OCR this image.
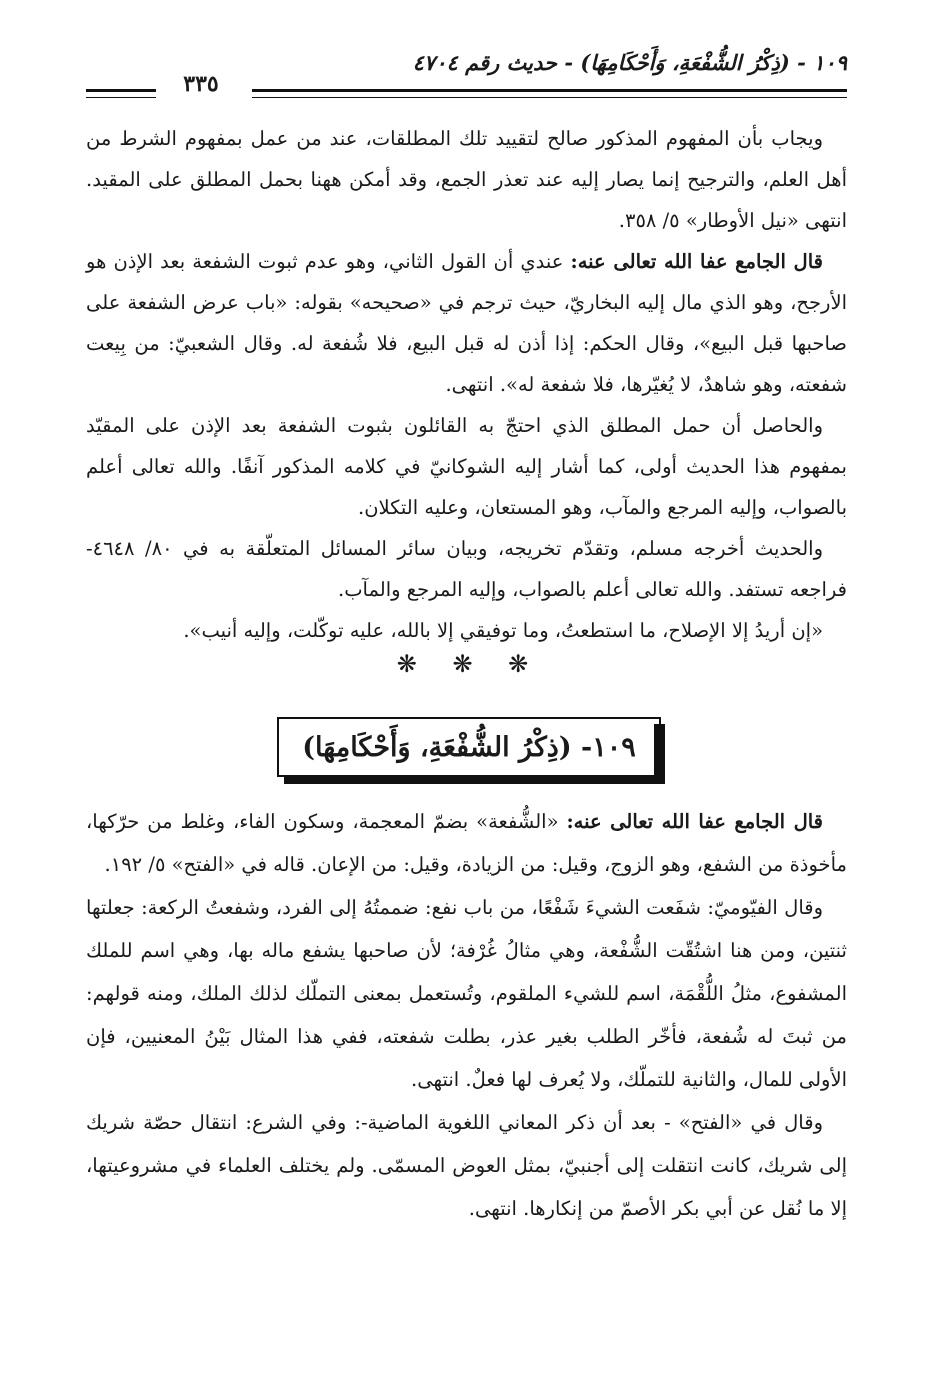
١٠٩ - (ذِكْرُ الشُّفْعَةِ، وَأَحْكَامِهَا) - حديث رقم ٤٧٠٤
٣٣٥

ويجاب بأن المفهوم المذكور صالح لتقييد تلك المطلقات، عند من عمل بمفهوم الشرط من أهل العلم، والترجيح إنما يصار إليه عند تعذر الجمع، وقد أمكن ههنا بحمل المطلق على المقيد. انتهى «نيل الأوطار» ٥/ ٣٥٨.

قال الجامع عفا الله تعالى عنه: عندي أن القول الثاني، وهو عدم ثبوت الشفعة بعد الإذن هو الأرجح، وهو الذي مال إليه البخاريّ، حيث ترجم في «صحيحه» بقوله: «باب عرض الشفعة على صاحبها قبل البيع»، وقال الحكم: إذا أذن له قبل البيع، فلا شُفعة له. وقال الشعبيّ: من بِيعت شفعته، وهو شاهدٌ، لا يُغيّرها، فلا شفعة له». انتهى.

والحاصل أن حمل المطلق الذي احتجّ به القائلون بثبوت الشفعة بعد الإذن على المقيّد بمفهوم هذا الحديث أولى، كما أشار إليه الشوكانيّ في كلامه المذكور آنفًا. والله تعالى أعلم بالصواب، وإليه المرجع والمآب، وهو المستعان، وعليه التكلان.

والحديث أخرجه مسلم، وتقدّم تخريجه، وبيان سائر المسائل المتعلّقة به في ٨٠/ ٤٦٤٨- فراجعه تستفد. والله تعالى أعلم بالصواب، وإليه المرجع والمآب.

«إن أريدُ إلا الإصلاح، ما استطعتُ، وما توفيقي إلا بالله، عليه توكّلت، وإليه أنيب».

❋ ❋ ❋
١٠٩- (ذِكْرُ الشُّفْعَةِ، وَأَحْكَامِهَا)

قال الجامع عفا الله تعالى عنه: «الشُّفعة» بضمّ المعجمة، وسكون الفاء، وغلط من حرّكها، مأخوذة من الشفع، وهو الزوج، وقيل: من الزيادة، وقيل: من الإعان. قاله في «الفتح» ٥/ ١٩٢.

وقال الفيّوميّ: شفَعت الشيءَ شَفْعًا، من باب نفع: ضممتُهُ إلى الفرد، وشفعتُ الركعة: جعلتها ثنتين، ومن هنا اشتُقّت الشُّفْعة، وهي مثالُ غُرْفة؛ لأن صاحبها يشفع ماله بها، وهي اسم للملك المشفوع، مثلُ اللُّقْمَة، اسم للشيء الملقوم، وتُستعمل بمعنى التملّك لذلك الملك، ومنه قولهم: من ثبتَ له شُفعة، فأخّر الطلب بغير عذر، بطلت شفعته، ففي هذا المثال بَيْنُ المعنيين، فإن الأولى للمال، والثانية للتملّك، ولا يُعرف لها فعلٌ. انتهى.

وقال في «الفتح» - بعد أن ذكر المعاني اللغوية الماضية-: وفي الشرع: انتقال حصّة شريك إلى شريك، كانت انتقلت إلى أجنبيّ، بمثل العوض المسمّى. ولم يختلف العلماء في مشروعيتها، إلا ما نُقل عن أبي بكر الأصمّ من إنكارها. انتهى.
